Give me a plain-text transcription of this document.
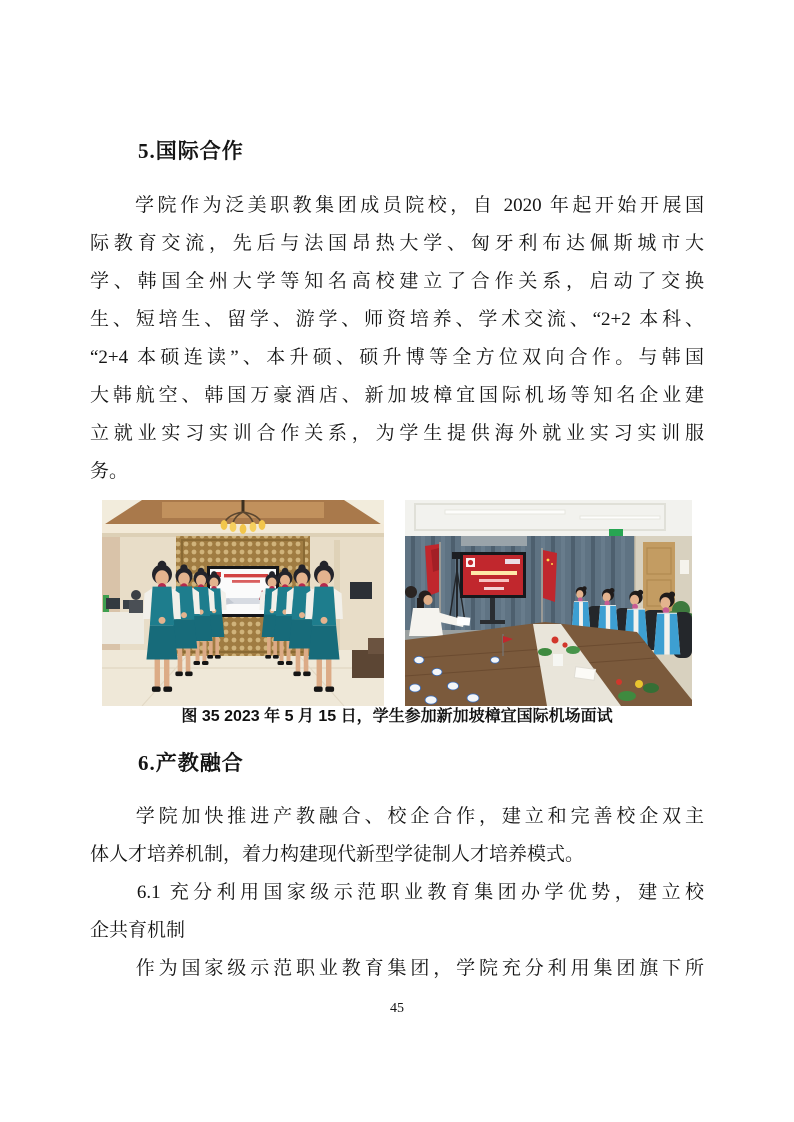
5.国际合作
　　学院作为泛美职教集团成员院校，自 2020 年起开始开展国
际教育交流，先后与法国昂热大学、匈牙利布达佩斯城市大
学、韩国全州大学等知名高校建立了合作关系，启动了交换
生、短培生、留学、游学、师资培养、学术交流、“2+2 本科、
“2+4 本硕连读”、本升硕、硕升博等全方位双向合作。与韩国
大韩航空、韩国万豪酒店、新加坡樟宜国际机场等知名企业建
立就业实习实训合作关系，为学生提供海外就业实习实训服
务。
图 35 2023 年 5 月 15 日，学生参加新加坡樟宜国际机场面试
6.产教融合
　　学院加快推进产教融合、校企合作，建立和完善校企双主
体人才培养机制，着力构建现代新型学徒制人才培养模式。
　　6.1 充分利用国家级示范职业教育集团办学优势，建立校
企共育机制
　　作为国家级示范职业教育集团，学院充分利用集团旗下所
45
